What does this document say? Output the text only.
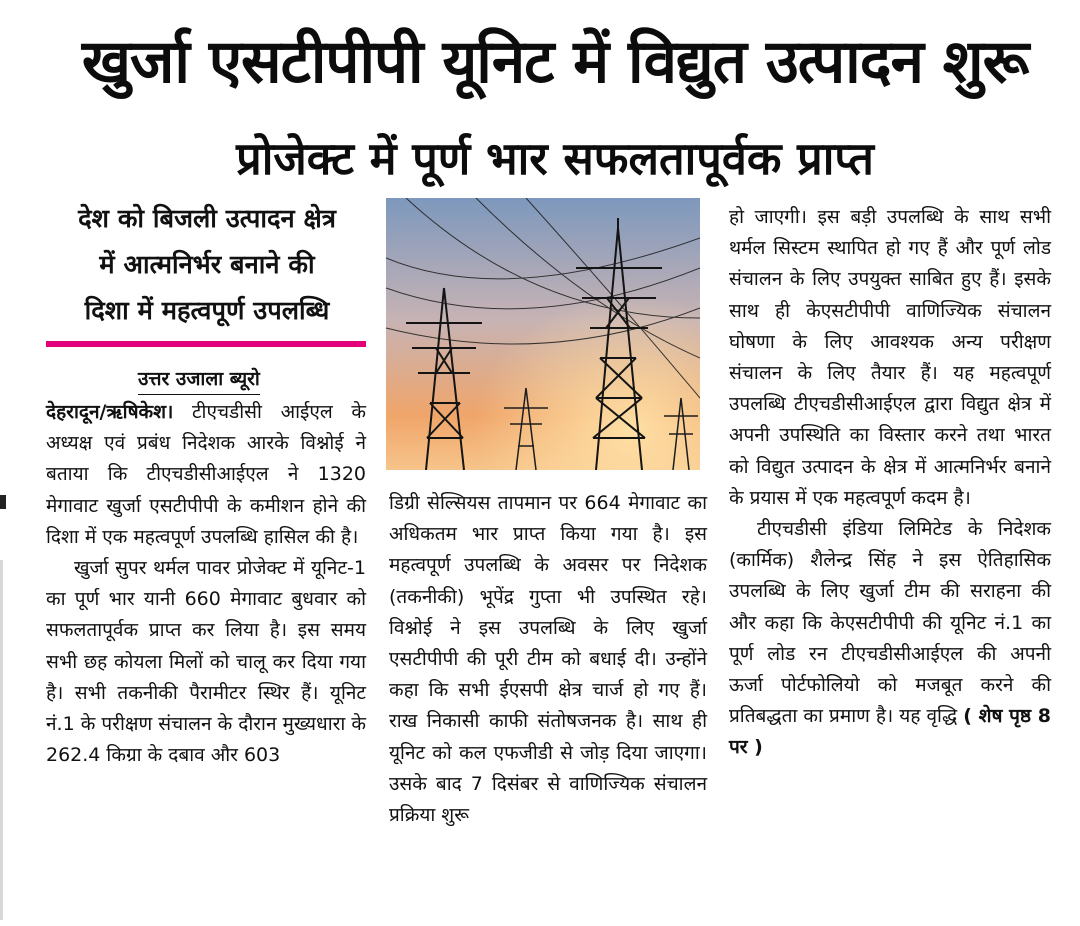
खुर्जा एसटीपीपी यूनिट में विद्युत उत्पादन शुरू
प्रोजेक्ट में पूर्ण भार सफलतापूर्वक प्राप्त
देश को बिजली उत्पादन क्षेत्र
में आत्मनिर्भर बनाने की
दिशा में महत्वपूर्ण उपलब्धि
उत्तर उजाला ब्यूरो

देहरादून/ऋषिकेश। टीएचडीसी आईएल के अध्यक्ष एवं प्रबंध निदेशक आरके विश्नोई ने बताया कि टीएचडीसीआईएल ने 1320 मेगावाट खुर्जा एसटीपीपी के कमीशन होने की दिशा में एक महत्वपूर्ण उपलब्धि हासिल की है।

खुर्जा सुपर थर्मल पावर प्रोजेक्ट में यूनिट-1 का पूर्ण भार यानी 660 मेगावाट बुधवार को सफलतापूर्वक प्राप्त कर लिया है। इस समय सभी छह कोयला मिलों को चालू कर दिया गया है। सभी तकनीकी पैरामीटर स्थिर हैं। यूनिट नं.1 के परीक्षण संचालन के दौरान मुख्यधारा के 262.4 किग्रा के दबाव और 603

डिग्री सेल्सियस तापमान पर 664 मेगावाट का अधिकतम भार प्राप्त किया गया है। इस महत्वपूर्ण उपलब्धि के अवसर पर निदेशक (तकनीकी) भूपेंद्र गुप्ता भी उपस्थित रहे। विश्नोई ने इस उपलब्धि के लिए खुर्जा एसटीपीपी की पूरी टीम को बधाई दी। उन्होंने कहा कि सभी ईएसपी क्षेत्र चार्ज हो गए हैं। राख निकासी काफी संतोषजनक है। साथ ही यूनिट को कल एफजीडी से जोड़ दिया जाएगा। उसके बाद 7 दिसंबर से वाणिज्यिक संचालन प्रक्रिया शुरू

हो जाएगी। इस बड़ी उपलब्धि के साथ सभी थर्मल सिस्टम स्थापित हो गए हैं और पूर्ण लोड संचालन के लिए उपयुक्त साबित हुए हैं। इसके साथ ही केएसटीपीपी वाणिज्यिक संचालन घोषणा के लिए आवश्यक अन्य परीक्षण संचालन के लिए तैयार हैं। यह महत्वपूर्ण उपलब्धि टीएचडीसीआईएल द्वारा विद्युत क्षेत्र में अपनी उपस्थिति का विस्तार करने तथा भारत को विद्युत उत्पादन के क्षेत्र में आत्मनिर्भर बनाने के प्रयास में एक महत्वपूर्ण कदम है।

टीएचडीसी इंडिया लिमिटेड के निदेशक (कार्मिक) शैलेन्द्र सिंह ने इस ऐतिहासिक उपलब्धि के लिए खुर्जा टीम की सराहना की और कहा कि केएसटीपीपी की यूनिट नं.1 का पूर्ण लोड रन टीएचडीसीआईएल की अपनी ऊर्जा पोर्टफोलियो को मजबूत करने की प्रतिबद्धता का प्रमाण है। यह वृद्धि ( शेष पृष्ठ 8 पर )
